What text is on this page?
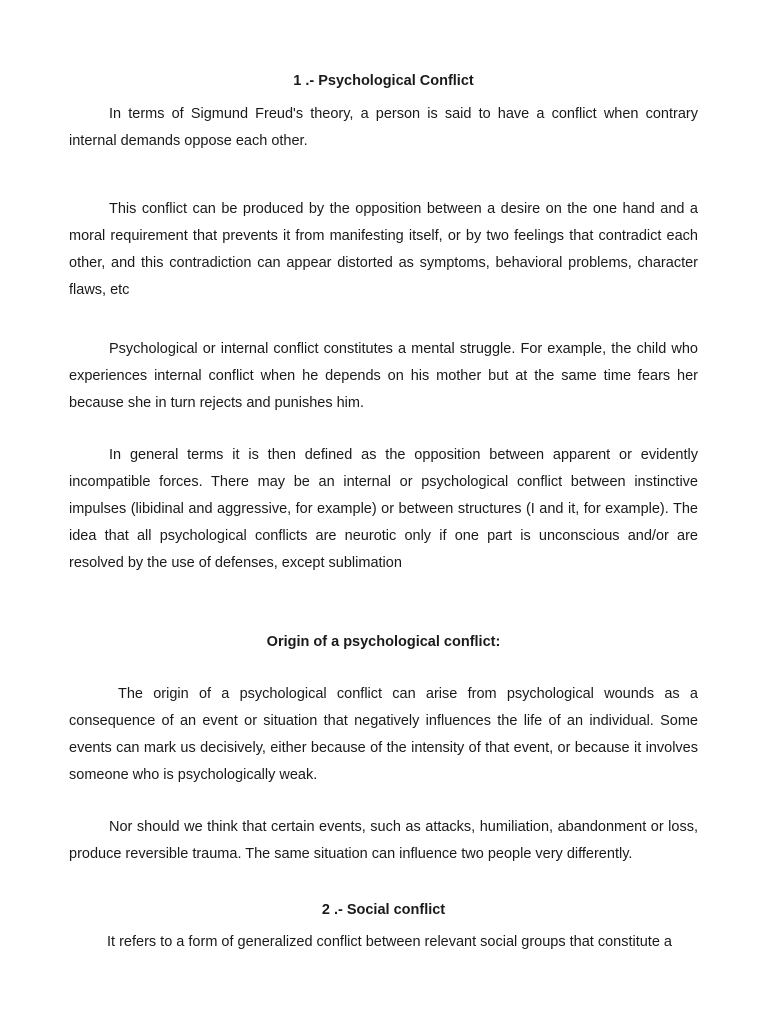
1 .- Psychological Conflict

In terms of Sigmund Freud's theory, a person is said to have a conflict when contrary internal demands oppose each other.

This conflict can be produced by the opposition between a desire on the one hand and a moral requirement that prevents it from manifesting itself, or by two feelings that contradict each other, and this contradiction can appear distorted as symptoms, behavioral problems, character flaws, etc

Psychological or internal conflict constitutes a mental struggle. For example, the child who experiences internal conflict when he depends on his mother but at the same time fears her because she in turn rejects and punishes him.

In general terms it is then defined as the opposition between apparent or evidently incompatible forces. There may be an internal or psychological conflict between instinctive impulses (libidinal and aggressive, for example) or between structures (I and it, for example). The idea that all psychological conflicts are neurotic only if one part is unconscious and/or are resolved by the use of defenses, except sublimation

Origin of a psychological conflict:

The origin of a psychological conflict can arise from psychological wounds as a consequence of an event or situation that negatively influences the life of an individual. Some events can mark us decisively, either because of the intensity of that event, or because it involves someone who is psychologically weak.

Nor should we think that certain events, such as attacks, humiliation, abandonment or loss, produce reversible trauma. The same situation can influence two people very differently.

2 .- Social conflict

It refers to a form of generalized conflict between relevant social groups that constitute a
